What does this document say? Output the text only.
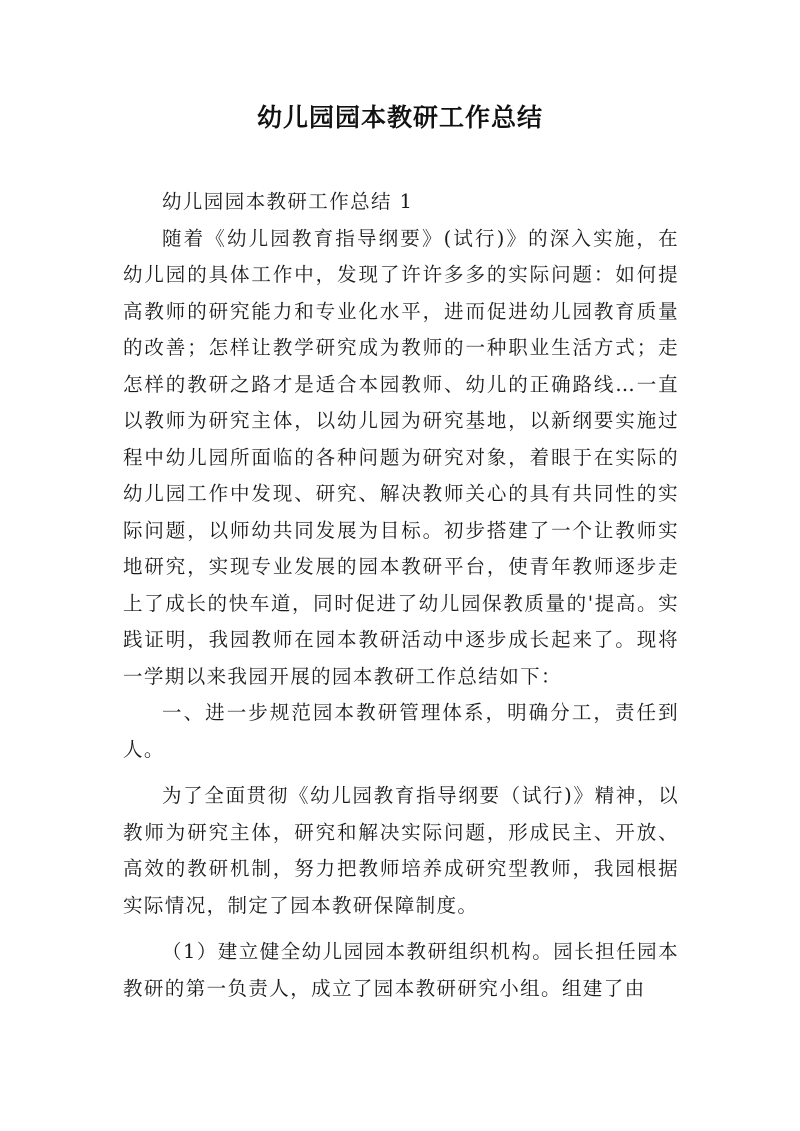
幼儿园园本教研工作总结

幼儿园园本教研工作总结 1

随着《幼儿园教育指导纲要》(试行)》的深入实施，在幼儿园的具体工作中，发现了许许多多的实际问题：如何提高教师的研究能力和专业化水平，进而促进幼儿园教育质量的改善；怎样让教学研究成为教师的一种职业生活方式；走怎样的教研之路才是适合本园教师、幼儿的正确路线…一直以教师为研究主体，以幼儿园为研究基地，以新纲要实施过程中幼儿园所面临的各种问题为研究对象，着眼于在实际的幼儿园工作中发现、研究、解决教师关心的具有共同性的实际问题，以师幼共同发展为目标。初步搭建了一个让教师实地研究，实现专业发展的园本教研平台，使青年教师逐步走上了成长的快车道，同时促进了幼儿园保教质量的'提高。实践证明，我园教师在园本教研活动中逐步成长起来了。现将一学期以来我园开展的园本教研工作总结如下：

一、进一步规范园本教研管理体系，明确分工，责任到人。

为了全面贯彻《幼儿园教育指导纲要（试行)》精神，以教师为研究主体，研究和解决实际问题，形成民主、开放、高效的教研机制，努力把教师培养成研究型教师，我园根据实际情况，制定了园本教研保障制度。

（1）建立健全幼儿园园本教研组织机构。园长担任园本教研的第一负责人，成立了园本教研研究小组。组建了由
